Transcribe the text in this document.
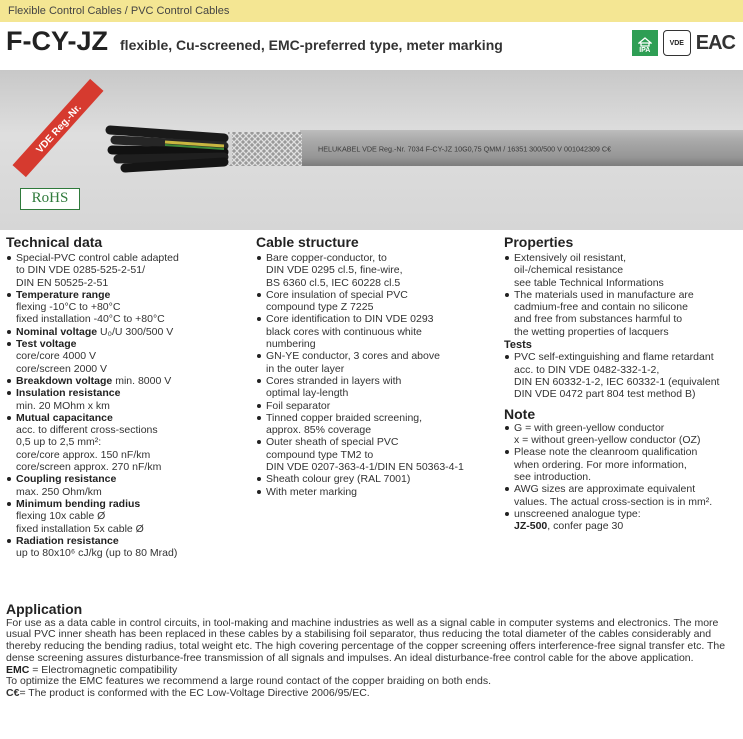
Flexible Control Cables / PVC Control Cables
F-CY-JZ flexible, Cu-screened, EMC-preferred type, meter marking	IPA
VDE EAC
VDE Reg.-Nr.	HELUKABEL VDE Reg.-Nr. 7034 F-CY-JZ 10G0,75 QMM / 16351 300/500 V 001042309 C€
RoHS
Technical data
Special-PVC control cable adapted
to DIN VDE 0285-525-2-51/
DIN EN 50525-2-51
Temperature range
flexing -10°C to +80°C
fixed installation -40°C to +80°C
Nominal voltage U₀/U 300/500 V
Test voltage
core/core 4000 V
core/screen 2000 V
Breakdown voltage min. 8000 V
Insulation resistance
min. 20 MOhm x km
Mutual capacitance
acc. to different cross-sections
0,5 up to 2,5 mm²:
core/core approx. 150 nF/km
core/screen approx. 270 nF/km
Coupling resistance
max. 250 Ohm/km
Minimum bending radius
flexing 10x cable Ø
fixed installation 5x cable Ø
Radiation resistance
up to 80x10⁶ cJ/kg (up to 80 Mrad)
Cable structure
Bare copper-conductor, to
DIN VDE 0295 cl.5, fine-wire,
BS 6360 cl.5, IEC 60228 cl.5
Core insulation of special PVC
compound type Z 7225
Core identification to DIN VDE 0293
black cores with continuous white
numbering
GN-YE conductor, 3 cores and above
in the outer layer
Cores stranded in layers with
optimal lay-length
Foil separator
Tinned copper braided screening,
approx. 85% coverage
Outer sheath of special PVC
compound type TM2 to
DIN VDE 0207-363-4-1/DIN EN 50363-4-1
Sheath colour grey (RAL 7001)
With meter marking
Properties
Extensively oil resistant,
oil-/chemical resistance
see table Technical Informations
The materials used in manufacture are
cadmium-free and contain no silicone
and free from substances harmful to
the wetting properties of lacquers
Tests
PVC self-extinguishing and flame retardant
acc. to DIN VDE 0482-332-1-2,
DIN EN 60332-1-2, IEC 60332-1 (equivalent
DIN VDE 0472 part 804 test method B)
Note
G = with green-yellow conductor
x = without green-yellow conductor (OZ)
Please note the cleanroom qualification
when ordering. For more information,
see introduction.
AWG sizes are approximate equivalent
values. The actual cross-section is in mm².
unscreened analogue type:
JZ-500, confer page 30
Application
For use as a data cable in control circuits, in tool-making and machine industries as well as a signal cable in computer systems and electronics. The more usual PVC inner sheath has been replaced in these cables by a stabilising foil separator, thus reducing the total diameter of the cables considerably and thereby reducing the bending radius, total weight etc. The high covering percentage of the copper screening offers interference-free signal transfer etc. The dense screening assures disturbance-free transmission of all signals and impulses. An ideal disturbance-free control cable for the above application.
EMC = Electromagnetic compatibility
To optimize the EMC features we recommend a large round contact of the copper braiding on both ends.
C€= The product is conformed with the EC Low-Voltage Directive 2006/95/EC.
